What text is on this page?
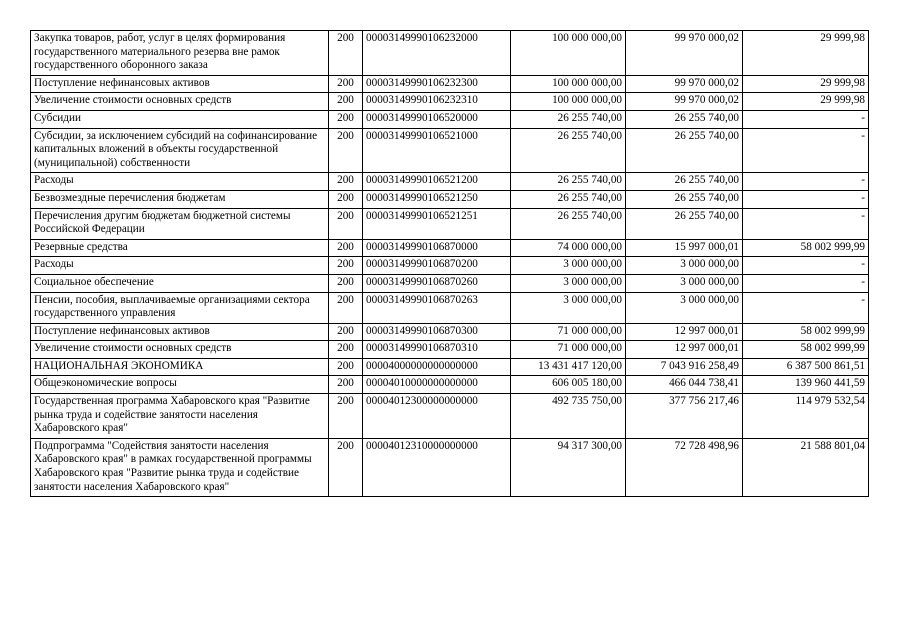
Закупка товаров, работ, услуг в целях формирования государственного материального резерва вне рамок государственного оборонного заказа	200	00003149990106232000	100 000 000,00	99 970 000,02	29 999,98
Поступление нефинансовых активов	200	00003149990106232300	100 000 000,00	99 970 000,02	29 999,98
Увеличение стоимости основных средств	200	00003149990106232310	100 000 000,00	99 970 000,02	29 999,98
Субсидии	200	00003149990106520000	26 255 740,00	26 255 740,00	-
Субсидии, за исключением субсидий на софинансирование капитальных вложений в объекты государственной (муниципальной) собственности	200	00003149990106521000	26 255 740,00	26 255 740,00	-
Расходы	200	00003149990106521200	26 255 740,00	26 255 740,00	-
Безвозмездные перечисления бюджетам	200	00003149990106521250	26 255 740,00	26 255 740,00	-
Перечисления другим бюджетам бюджетной системы Российской Федерации	200	00003149990106521251	26 255 740,00	26 255 740,00	-
Резервные средства	200	00003149990106870000	74 000 000,00	15 997 000,01	58 002 999,99
Расходы	200	00003149990106870200	3 000 000,00	3 000 000,00	-
Социальное обеспечение	200	00003149990106870260	3 000 000,00	3 000 000,00	-
Пенсии, пособия, выплачиваемые организациями сектора государственного управления	200	00003149990106870263	3 000 000,00	3 000 000,00	-
Поступление нефинансовых активов	200	00003149990106870300	71 000 000,00	12 997 000,01	58 002 999,99
Увеличение стоимости основных средств	200	00003149990106870310	71 000 000,00	12 997 000,01	58 002 999,99
НАЦИОНАЛЬНАЯ ЭКОНОМИКА	200	00004000000000000000	13 431 417 120,00	7 043 916 258,49	6 387 500 861,51
Общеэкономические вопросы	200	00004010000000000000	606 005 180,00	466 044 738,41	139 960 441,59
Государственная программа Хабаровского края "Развитие рынка труда и содействие занятости населения Хабаровского края"	200	00004012300000000000	492 735 750,00	377 756 217,46	114 979 532,54
Подпрограмма "Содействия занятости населения Хабаровского края" в рамках государственной программы Хабаровского края "Развитие рынка труда и содействие занятости населения Хабаровского края"	200	00004012310000000000	94 317 300,00	72 728 498,96	21 588 801,04
